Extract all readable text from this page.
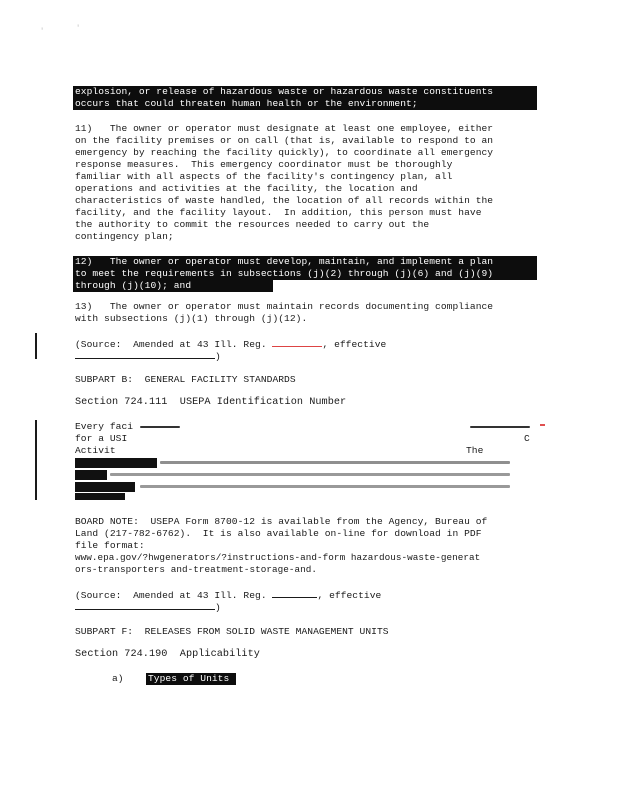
'	'
explosion, or release of hazardous waste or hazardous waste constituents
occurs that could threaten human health or the environment;
11)   The owner or operator must designate at least one employee, either
on the facility premises or on call (that is, available to respond to an
emergency by reaching the facility quickly), to coordinate all emergency
response measures.  This emergency coordinator must be thoroughly
familiar with all aspects of the facility's contingency plan, all
operations and activities at the facility, the location and
characteristics of waste handled, the location of all records within the
facility, and the facility layout.  In addition, this person must have
the authority to commit the resources needed to carry out the
contingency plan;
12)   The owner or operator must develop, maintain, and implement a plan
to meet the requirements in subsections (j)(2) through (j)(6) and (j)(9)
through (j)(10); and
13)   The owner or operator must maintain records documenting compliance
with subsections (j)(1) through (j)(12).
(Source:  Amended at 43 Ill. Reg.	, effective
)
SUBPART B:  GENERAL FACILITY STANDARDS
Section 724.111  USEPA Identification Number
Every faci
for a USI
Activit	The
C
BOARD NOTE:  USEPA Form 8700-12 is available from the Agency, Bureau of
Land (217-782-6762).  It is also available on-line for download in PDF
file format:
www.epa.gov/?hwgenerators/?instructions-and-form hazardous-waste-generat
ors-transporters and-treatment-storage-and.
(Source:  Amended at 43 Ill. Reg.	, effective
)
SUBPART F:  RELEASES FROM SOLID WASTE MANAGEMENT UNITS
Section 724.190  Applicability
a)	Types of Units
